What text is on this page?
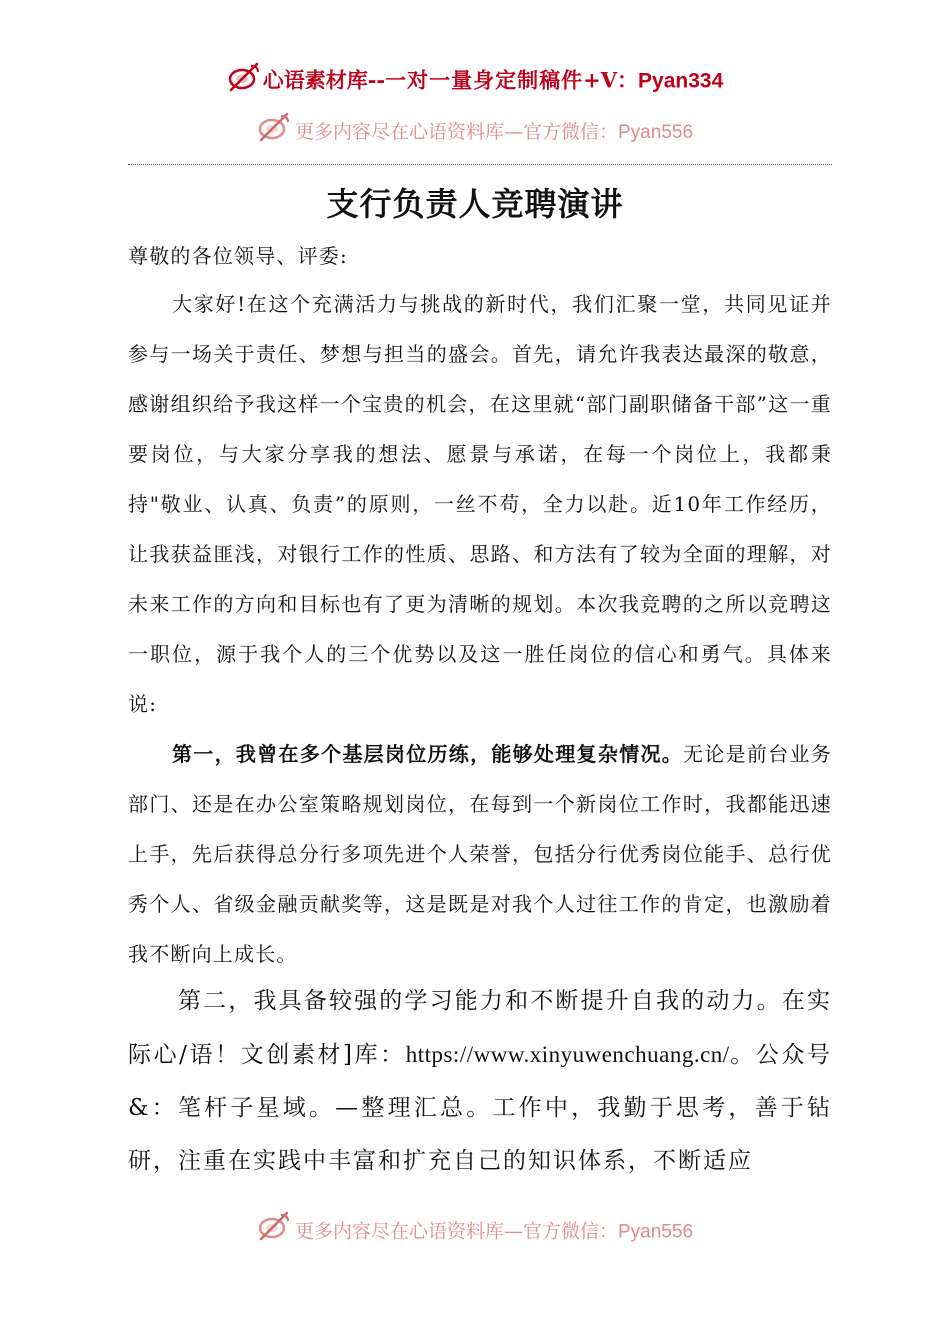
心语素材库--一对一量身定制稿件+V：Pyan334
更多内容尽在心语资料库—官方微信：Pyan556
支行负责人竞聘演讲
尊敬的各位领导、评委:
大家好!在这个充满活力与挑战的新时代，我们汇聚一堂，共同见证并参与一场关于责任、梦想与担当的盛会。首先，请允许我表达最深的敬意，感谢组织给予我这样一个宝贵的机会，在这里就“部门副职储备干部”这一重要岗位，与大家分享我的想法、愿景与承诺，在每一个岗位上，我都秉持"敬业、认真、负责”的原则，一丝不苟，全力以赴。近10年工作经历，让我获益匪浅，对银行工作的性质、思路、和方法有了较为全面的理解，对未来工作的方向和目标也有了更为清晰的规划。本次我竞聘的之所以竞聘这一职位，源于我个人的三个优势以及这一胜任岗位的信心和勇气。具体来说:
第一，我曾在多个基层岗位历练，能够处理复杂情况。无论是前台业务部门、还是在办公室策略规划岗位，在每到一个新岗位工作时，我都能迅速上手，先后获得总分行多项先进个人荣誉，包括分行优秀岗位能手、总行优秀个人、省级金融贡献奖等，这是既是对我个人过往工作的肯定，也激励着我不断向上成长。
第二，我具备较强的学习能力和不断提升自我的动力。在实际心/语！文创素材]库：https://www.xinyuwenchuang.cn/。公众号&：笔杆子星域。—整理汇总。工作中，我勤于思考，善于钻研，注重在实践中丰富和扩充自己的知识体系，不断适应
更多内容尽在心语资料库—官方微信：Pyan556
